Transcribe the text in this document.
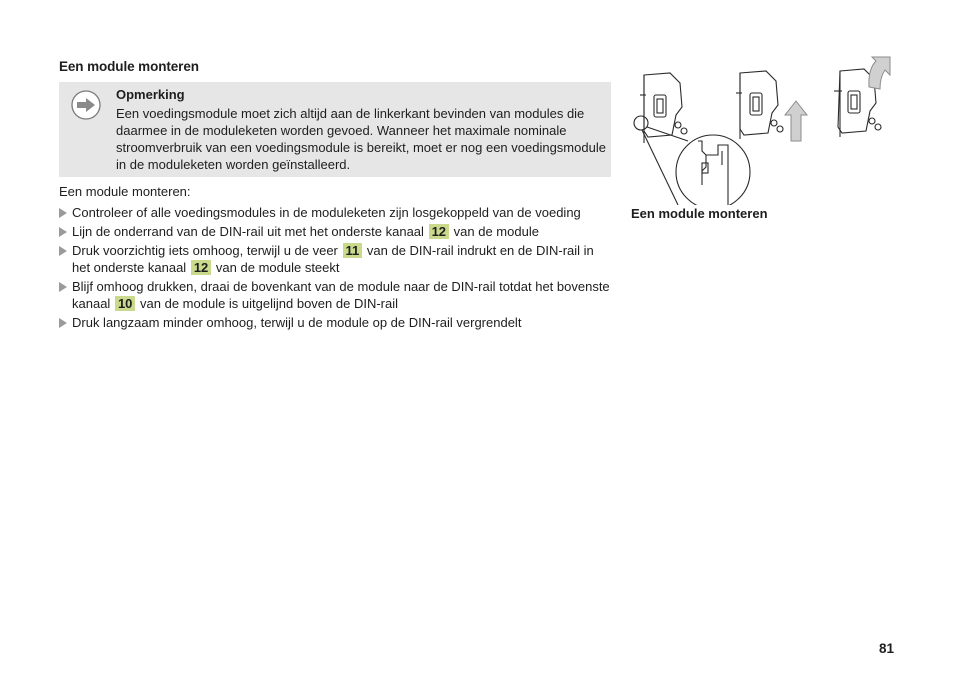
Een module monteren
Opmerking
Een voedingsmodule moet zich altijd aan de linkerkant bevinden van modules die daarmee in de moduleketen worden gevoed. Wanneer het maximale nominale stroomverbruik van een voedingsmodule is bereikt, moet er nog een voedingsmodule in de moduleketen worden geïnstalleerd.
Een module monteren:
Controleer of alle voedingsmodules in de moduleketen zijn losgekoppeld van de voeding
Lijn de onderrand van de DIN-rail uit met het onderste kanaal 12 van de module
Druk voorzichtig iets omhoog, terwijl u de veer 11 van de DIN-rail indrukt en de DIN-rail in het onderste kanaal 12 van de module steekt
Blijf omhoog drukken, draai de bovenkant van de module naar de DIN-rail totdat het bovenste kanaal 10 van de module is uitgelijnd boven de DIN-rail
Druk langzaam minder omhoog, terwijl u de module op de DIN-rail vergrendelt
Een module monteren
81
